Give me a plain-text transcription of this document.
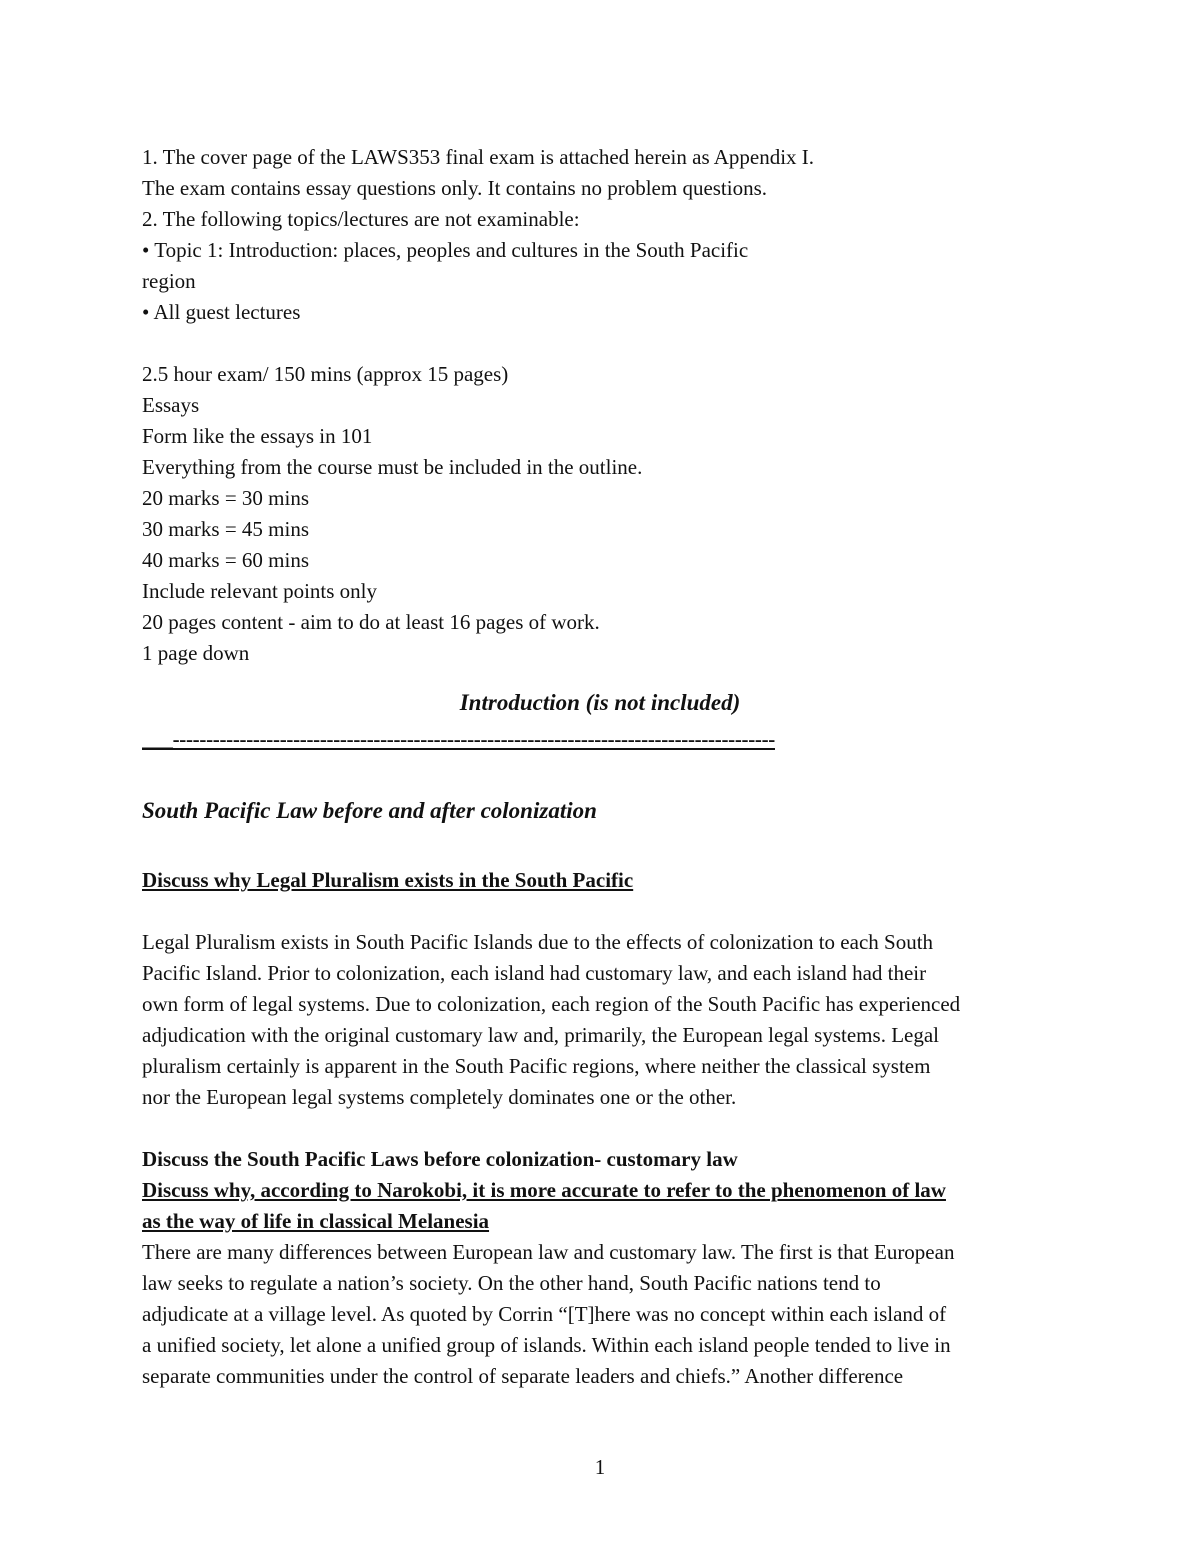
1. The cover page of the LAWS353 final exam is attached herein as Appendix I.

The exam contains essay questions only. It contains no problem questions.

2. The following topics/lectures are not examinable:

• Topic 1: Introduction: places, peoples and cultures in the South Pacific

region

• All guest lectures

2.5 hour exam/ 150 mins (approx 15 pages)

Essays

Form like the essays in 101

Everything from the course must be included in the outline.

20 marks = 30 mins

30 marks = 45 mins

40 marks = 60 mins

Include relevant points only

20 pages content - aim to do at least 16 pages of work.

1 page down

Introduction (is not included)
___------------------------------------------------------------------------------------------
South Pacific Law before and after colonization
Discuss why Legal Pluralism exists in the South Pacific

Legal Pluralism exists in South Pacific Islands due to the effects of colonization to each South

Pacific Island. Prior to colonization, each island had customary law, and each island had their

own form of legal systems. Due to colonization, each region of the South Pacific has experienced

adjudication with the original customary law and, primarily, the European legal systems. Legal

pluralism certainly is apparent in the South Pacific regions, where neither the classical system

nor the European legal systems completely dominates one or the other.

Discuss the South Pacific Laws before colonization- customary law

Discuss why, according to Narokobi, it is more accurate to refer to the phenomenon of law

as the way of life in classical Melanesia

There are many differences between European law and customary law. The first is that European

law seeks to regulate a nation’s society. On the other hand, South Pacific nations tend to

adjudicate at a village level. As quoted by Corrin “[T]here was no concept within each island of

a unified society, let alone a unified group of islands. Within each island people tended to live in

separate communities under the control of separate leaders and chiefs.” Another difference

1
